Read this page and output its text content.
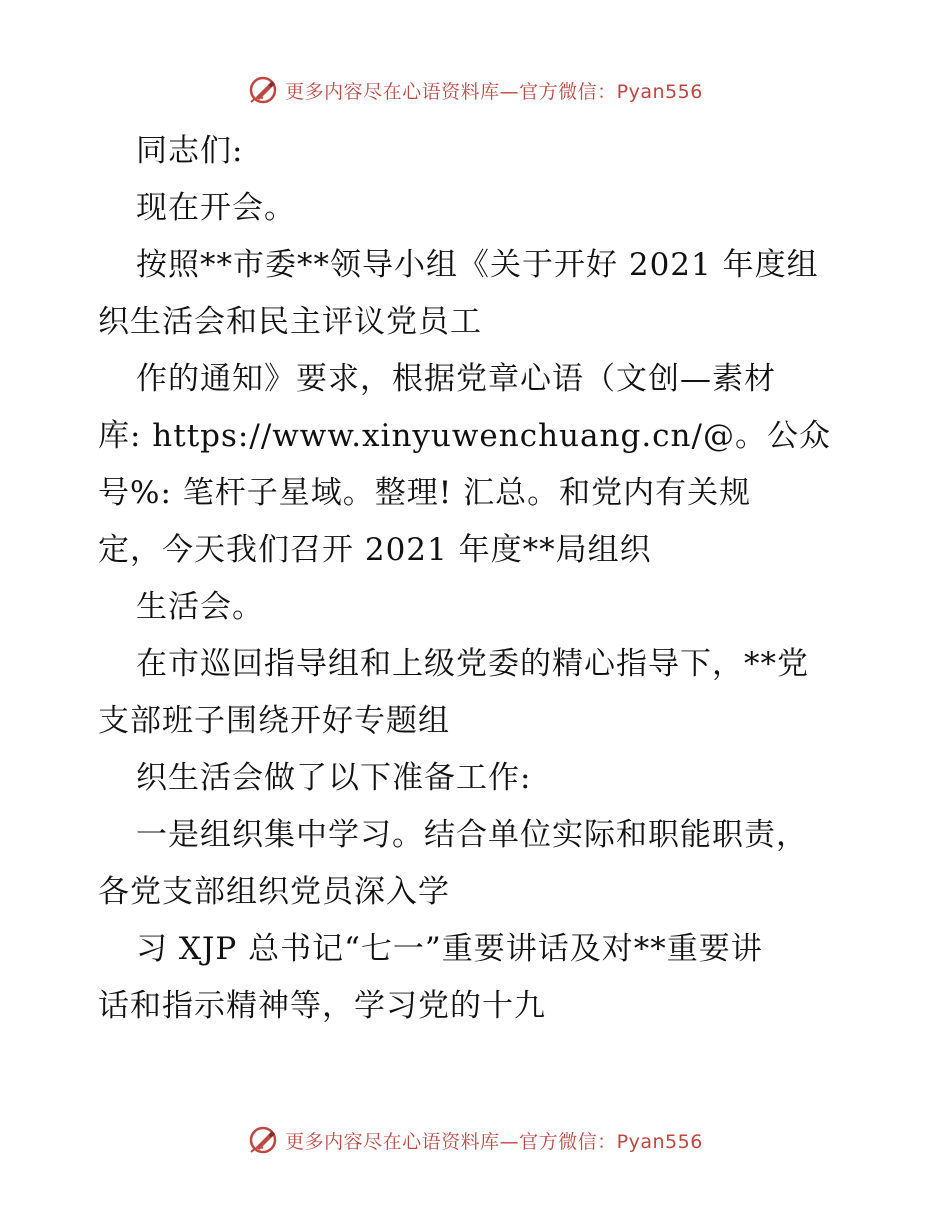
更多内容尽在心语资料库—官方微信：Pyan556
同志们:
现在开会。
按照**市委**领导小组《关于开好 2021 年度组
织生活会和民主评议党员工
作的通知》要求，根据党章心语（文创—素材
库: https://www.xinyuwenchuang.cn/@。公众
号%: 笔杆子星域。整理! 汇总。和党内有关规
定，今天我们召开 2021 年度**局组织
生活会。
在市巡回指导组和上级党委的精心指导下，**党
支部班子围绕开好专题组
织生活会做了以下准备工作:
一是组织集中学习。结合单位实际和职能职责，
各党支部组织党员深入学
习 XJP 总书记“七一”重要讲话及对**重要讲
话和指示精神等，学习党的十九
更多内容尽在心语资料库—官方微信：Pyan556
